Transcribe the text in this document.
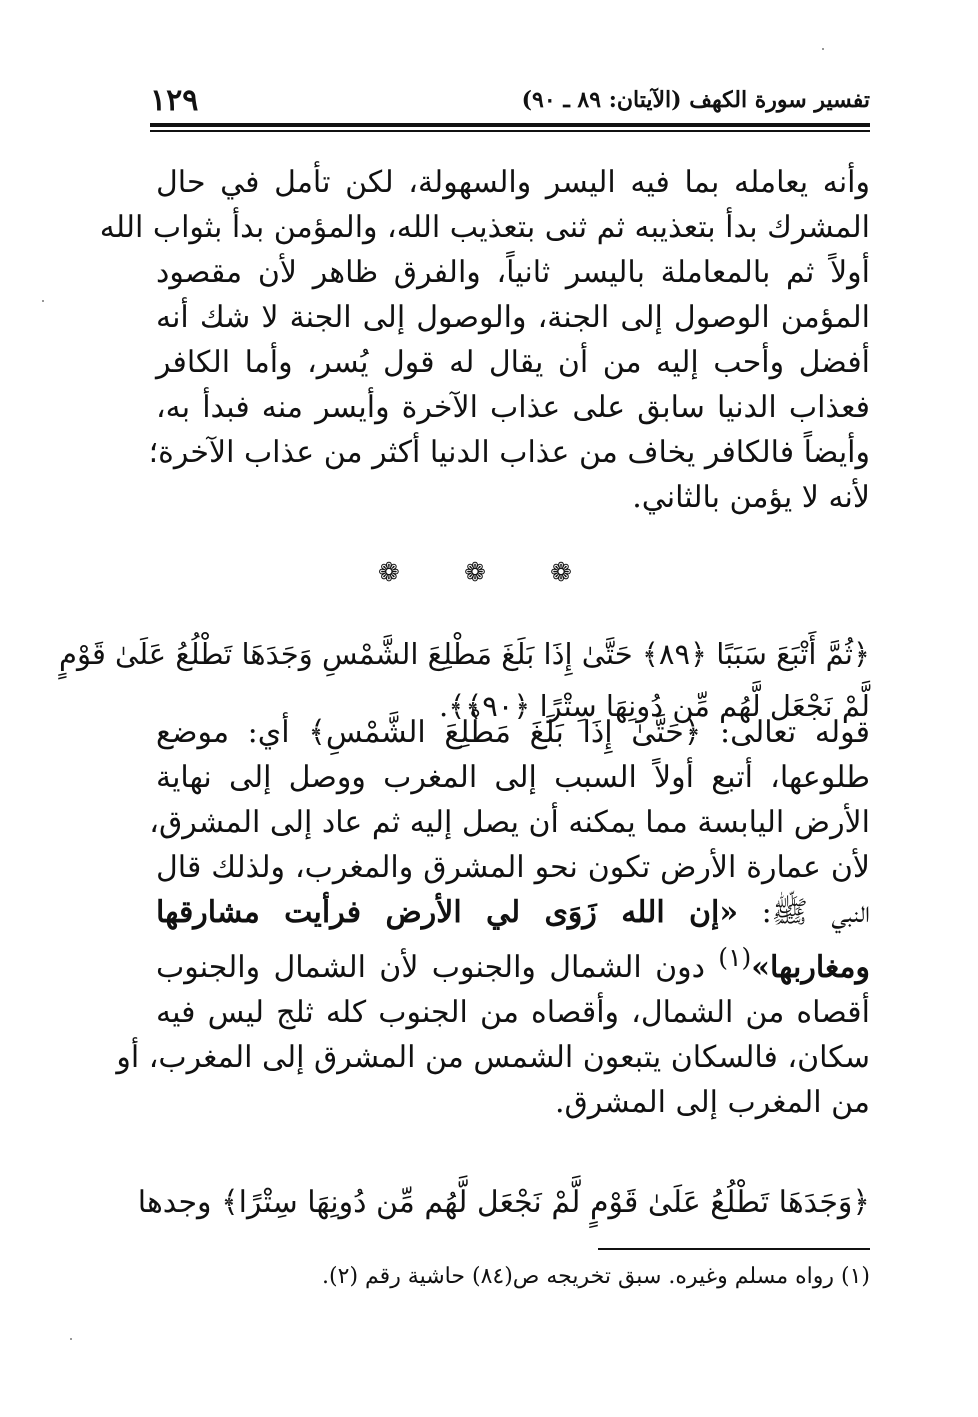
تفسير سورة الكهف (الآيتان: ٨٩ ـ ٩٠)
١٢٩
وأنه يعامله بما فيه اليسر والسهولة، لكن تأمل في حال
المشرك بدأ بتعذيبه ثم ثنى بتعذيب الله، والمؤمن بدأ بثواب الله
أولاً ثم بالمعاملة باليسر ثانياً، والفرق ظاهر لأن مقصود
المؤمن الوصول إلى الجنة، والوصول إلى الجنة لا شك أنه
أفضل وأحب إليه من أن يقال له قول يُسر، وأما الكافر
فعذاب الدنيا سابق على عذاب الآخرة وأيسر منه فبدأ به،
وأيضاً فالكافر يخاف من عذاب الدنيا أكثر من عذاب الآخرة؛
لأنه لا يؤمن بالثاني.
❁ ❁ ❁
﴿ثُمَّ أَتْبَعَ سَبَبًا ﴿٨٩﴾ حَتَّىٰ إِذَا بَلَغَ مَطْلِعَ الشَّمْسِ وَجَدَهَا تَطْلُعُ عَلَىٰ قَوْمٍ
لَّمْ نَجْعَل لَّهُم مِّن دُونِهَا سِتْرًا ﴿٩٠﴾﴾.
قوله تعالى: ﴿حَتَّىٰ إِذَا بَلَغَ مَطْلِعَ الشَّمْسِ﴾ أي: موضع
طلوعها، أتبع أولاً السبب إلى المغرب ووصل إلى نهاية
الأرض اليابسة مما يمكنه أن يصل إليه ثم عاد إلى المشرق،
لأن عمارة الأرض تكون نحو المشرق والمغرب، ولذلك قال
النبي ﷺ: «إن الله زَوَى لي الأرض فرأيت مشارقها
ومغاربها»$^{(١)}$ دون الشمال والجنوب لأن الشمال والجنوب
أقصاه من الشمال، وأقصاه من الجنوب كله ثلج ليس فيه
سكان، فالسكان يتبعون الشمس من المشرق إلى المغرب، أو
من المغرب إلى المشرق.
﴿وَجَدَهَا تَطْلُعُ عَلَىٰ قَوْمٍ لَّمْ نَجْعَل لَّهُم مِّن دُونِهَا سِتْرًا﴾ وجدها
(١) رواه مسلم وغيره. سبق تخريجه ص(٨٤) حاشية رقم (٢).
